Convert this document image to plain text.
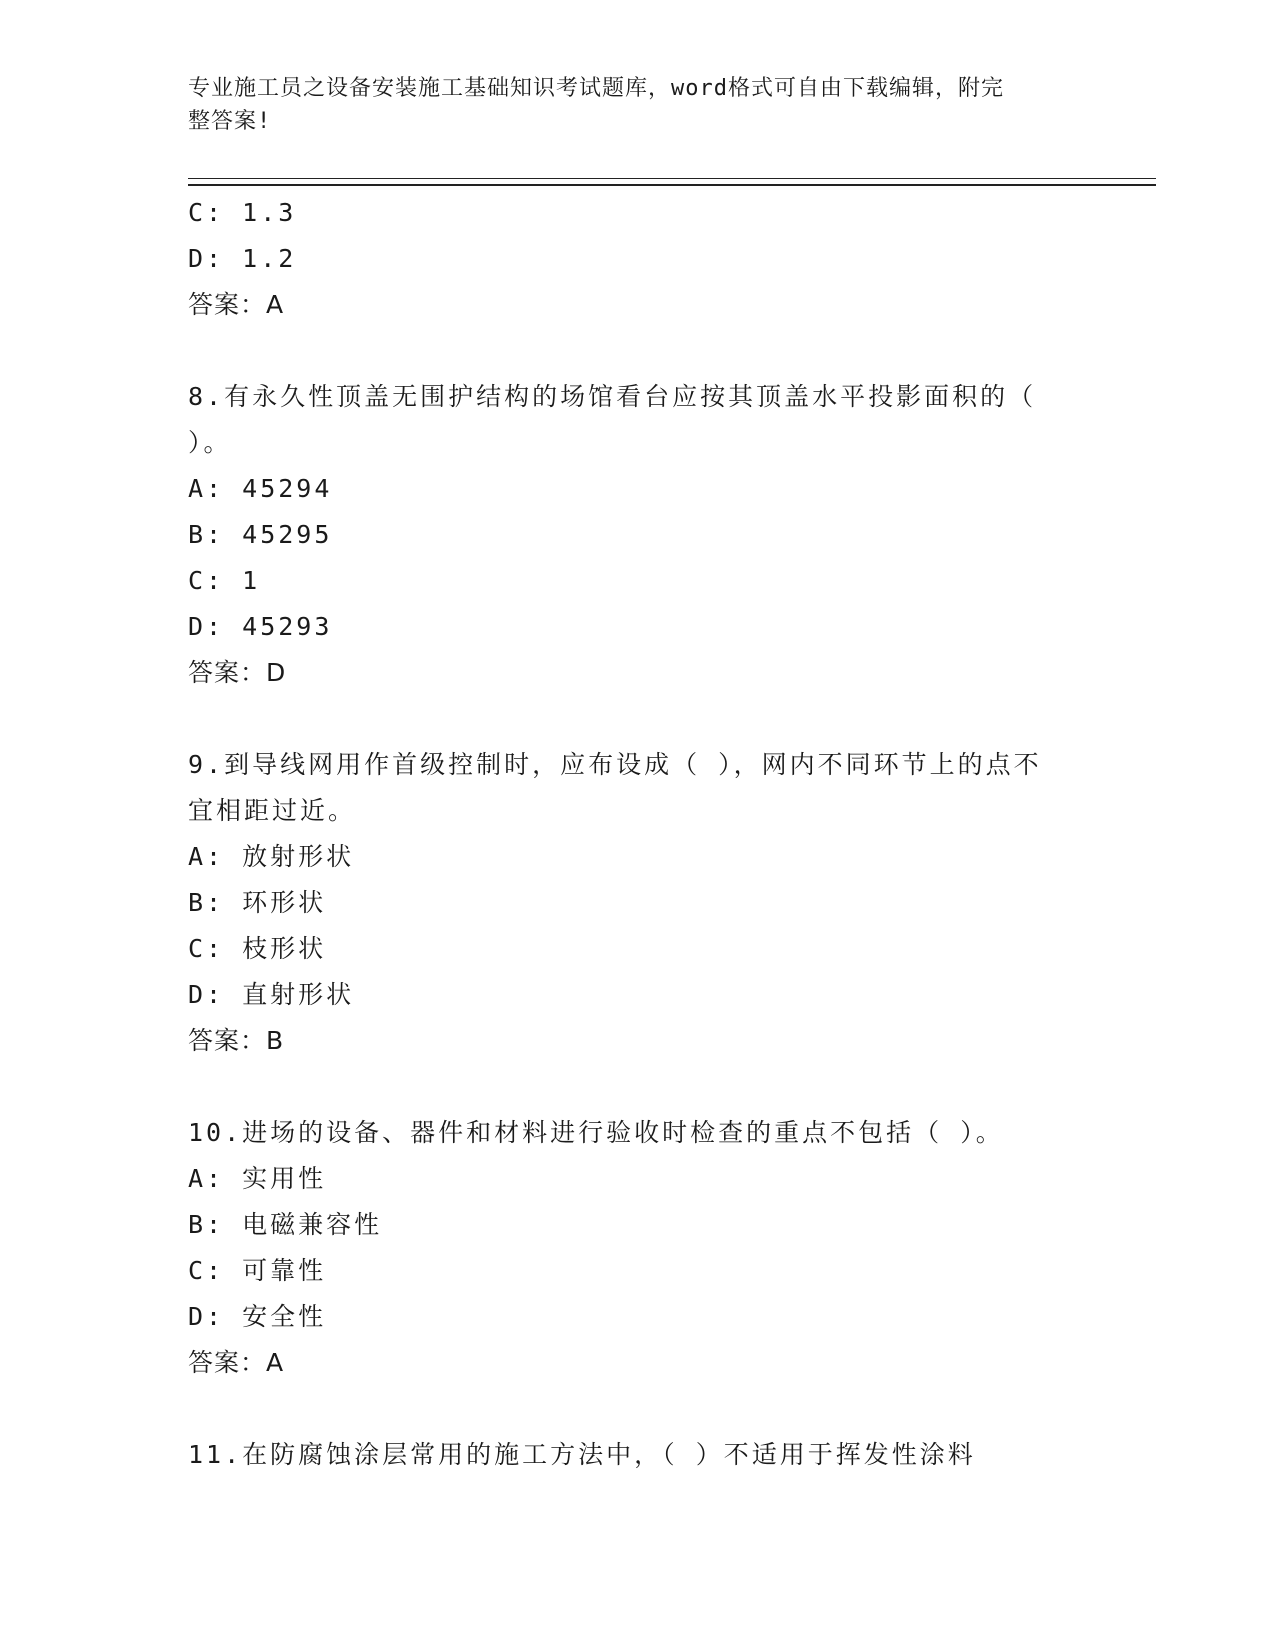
专业施工员之设备安装施工基础知识考试题库，word格式可自由下载编辑，附完
整答案!
C: 1.3
D: 1.2
答案：A
8.有永久性顶盖无围护结构的场馆看台应按其顶盖水平投影面积的（
）。
A: 45294
B: 45295
C: 1
D: 45293
答案：D
9.到导线网用作首级控制时，应布设成（ ），网内不同环节上的点不
宜相距过近。
A: 放射形状
B: 环形状
C: 枝形状
D: 直射形状
答案：B
10.进场的设备、器件和材料进行验收时检查的重点不包括（ ）。
A: 实用性
B: 电磁兼容性
C: 可靠性
D: 安全性
答案：A
11.在防腐蚀涂层常用的施工方法中，（ ）不适用于挥发性涂料
